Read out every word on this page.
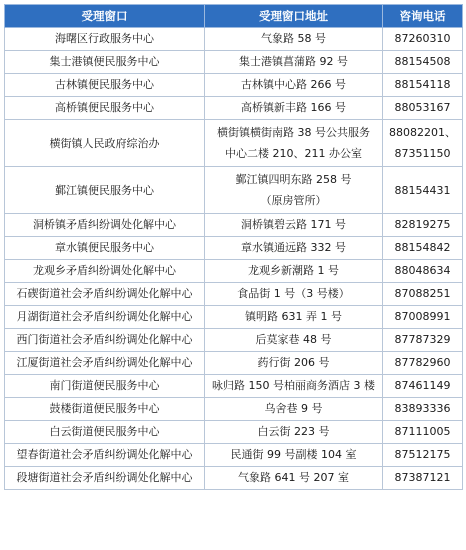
受理窗口	受理窗口地址	咨询电话
海曙区行政服务中心	气象路 58 号	87260310

集士港镇便民服务中心	集士港镇菖蒲路 92 号	88154508

古林镇便民服务中心	古林镇中心路 266 号	88154118

高桥镇便民服务中心	高桥镇新丰路 166 号	88053167

横街镇人民政府综治办	横街镇横街南路 38 号公共服务
中心二楼 210、211 办公室	88082201、
87351150

鄞江镇便民服务中心	鄞江镇四明东路 258 号
（原房管所）	88154431

洞桥镇矛盾纠纷调处化解中心	洞桥镇碧云路 171 号	82819275

章水镇便民服务中心	章水镇通远路 332 号	88154842

龙观乡矛盾纠纷调处化解中心	龙观乡新潮路 1 号	88048634

石碶街道社会矛盾纠纷调处化解中心	食品街 1 号（3 号楼）	87088251

月湖街道社会矛盾纠纷调处化解中心	镇明路 631 弄 1 号	87008991

西门街道社会矛盾纠纷调处化解中心	后莫家巷 48 号	87787329

江厦街道社会矛盾纠纷调处化解中心	药行街 206 号	87782960

南门街道便民服务中心	咏归路 150 号柏丽商务酒店 3 楼	87461149

鼓楼街道便民服务中心	乌舍巷 9 号	83893336

白云街道便民服务中心	白云街 223 号	87111005

望春街道社会矛盾纠纷调处化解中心	民通街 99 号副楼 104 室	87512175

段塘街道社会矛盾纠纷调处化解中心	气象路 641 号 207 室	87387121
